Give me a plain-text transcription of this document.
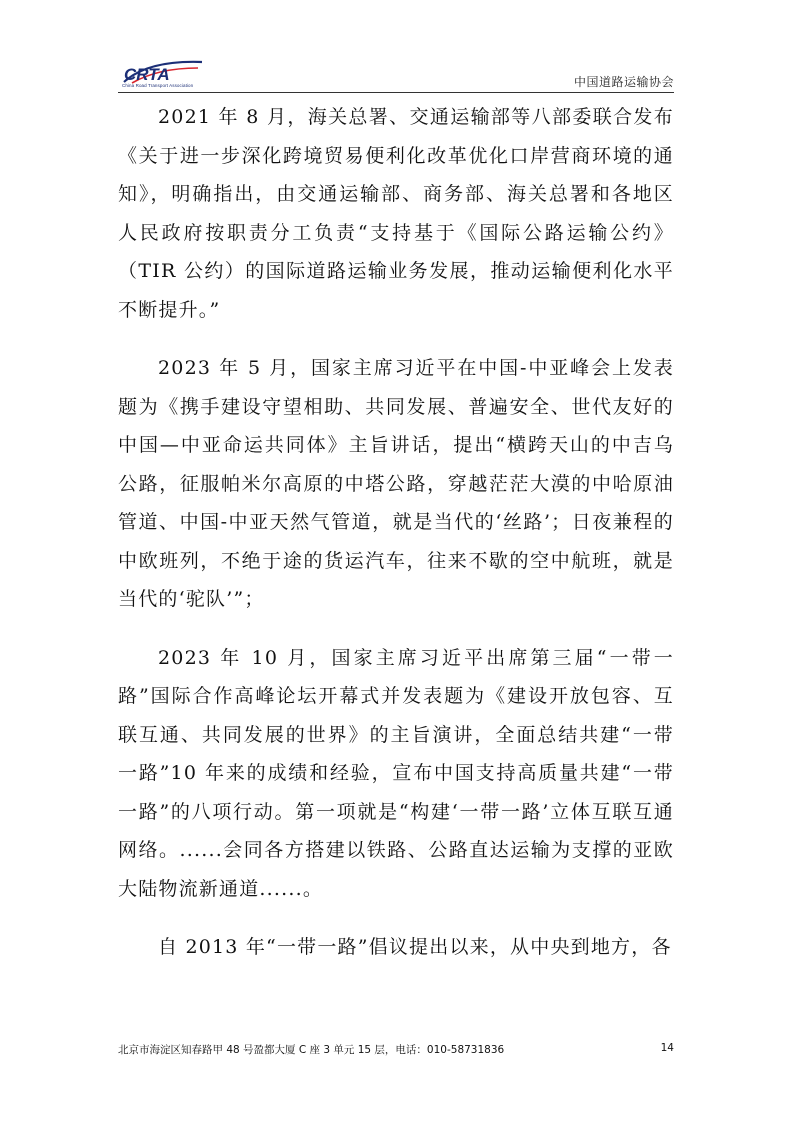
CRTA
China Road Transport Association	中国道路运输协会

2021 年 8 月，海关总署、交通运输部等八部委联合发布《关于进一步深化跨境贸易便利化改革优化口岸营商环境的通知》，明确指出，由交通运输部、商务部、海关总署和各地区人民政府按职责分工负责“支持基于《国际公路运输公约》（TIR 公约）的国际道路运输业务发展，推动运输便利化水平不断提升。”

2023 年 5 月，国家主席习近平在中国-中亚峰会上发表题为《携手建设守望相助、共同发展、普遍安全、世代友好的中国—中亚命运共同体》主旨讲话，提出“横跨天山的中吉乌公路，征服帕米尔高原的中塔公路，穿越茫茫大漠的中哈原油管道、中国-中亚天然气管道，就是当代的‘丝路’；日夜兼程的中欧班列，不绝于途的货运汽车，往来不歇的空中航班，就是当代的‘驼队’”；

2023 年 10 月，国家主席习近平出席第三届“一带一路”国际合作高峰论坛开幕式并发表题为《建设开放包容、互联互通、共同发展的世界》的主旨演讲，全面总结共建“一带一路”10 年来的成绩和经验，宣布中国支持高质量共建“一带一路”的八项行动。第一项就是“构建‘一带一路’立体互联互通网络。......会同各方搭建以铁路、公路直达运输为支撑的亚欧大陆物流新通道......。

自 2013 年“一带一路”倡议提出以来，从中央到地方，各

北京市海淀区知春路甲 48 号盈都大厦 C 座 3 单元 15 层，电话：010-58731836	14
